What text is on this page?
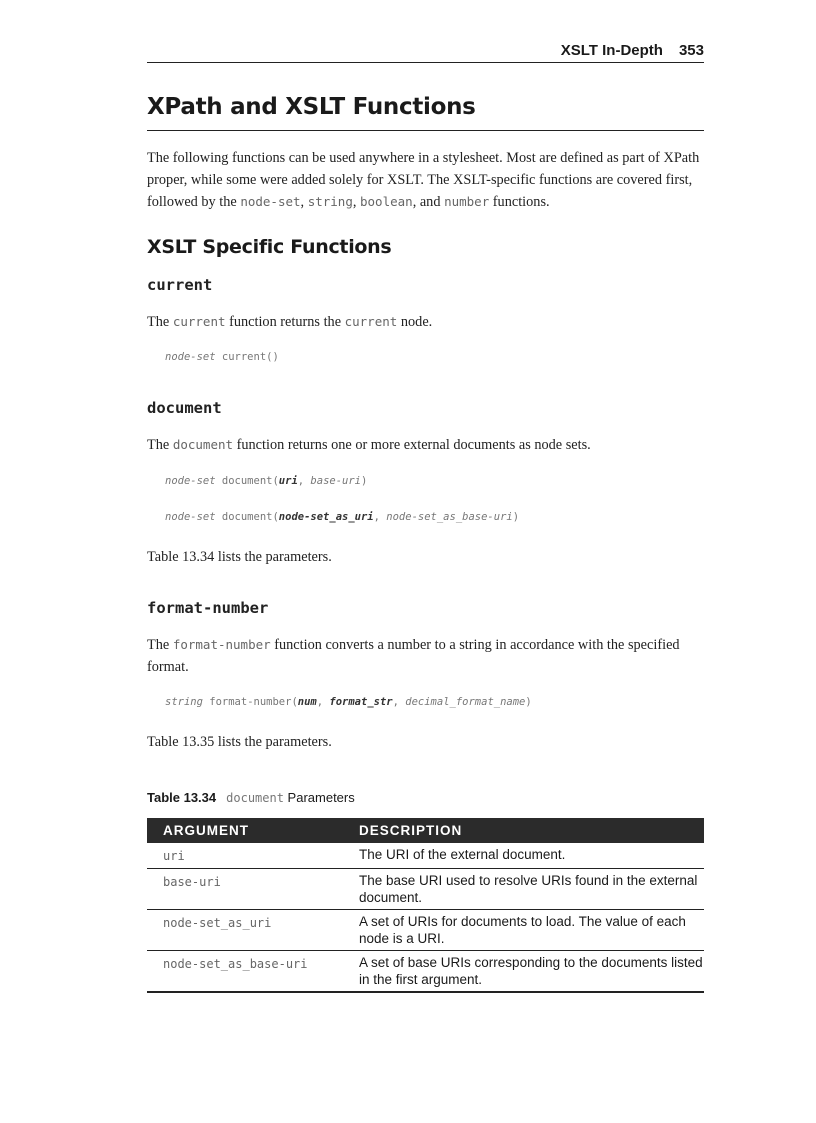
XSLT In-Depth 353
XPath and XSLT Functions

The following functions can be used anywhere in a stylesheet. Most are defined as part of XPath proper, while some were added solely for XSLT. The XSLT-specific functions are covered first, followed by the node-set, string, boolean, and number functions.

XSLT Specific Functions
current

The current function returns the current node.

node-set current()
document

The document function returns one or more external documents as node sets.

node-set document(uri, base-uri)
node-set document(node-set_as_uri, node-set_as_base-uri)

Table 13.34 lists the parameters.

format-number

The format-number function converts a number to a string in accordance with the specified format.

string format-number(num, format_str, decimal_format_name)

Table 13.35 lists the parameters.

Table 13.34 document Parameters
ARGUMENT	DESCRIPTION
uri	The URI of the external document.
base-uri	The base URI used to resolve URIs found in the external document.
node-set_as_uri	A set of URIs for documents to load. The value of each node is a URI.
node-set_as_base-uri	A set of base URIs corresponding to the documents listed in the first argument.
